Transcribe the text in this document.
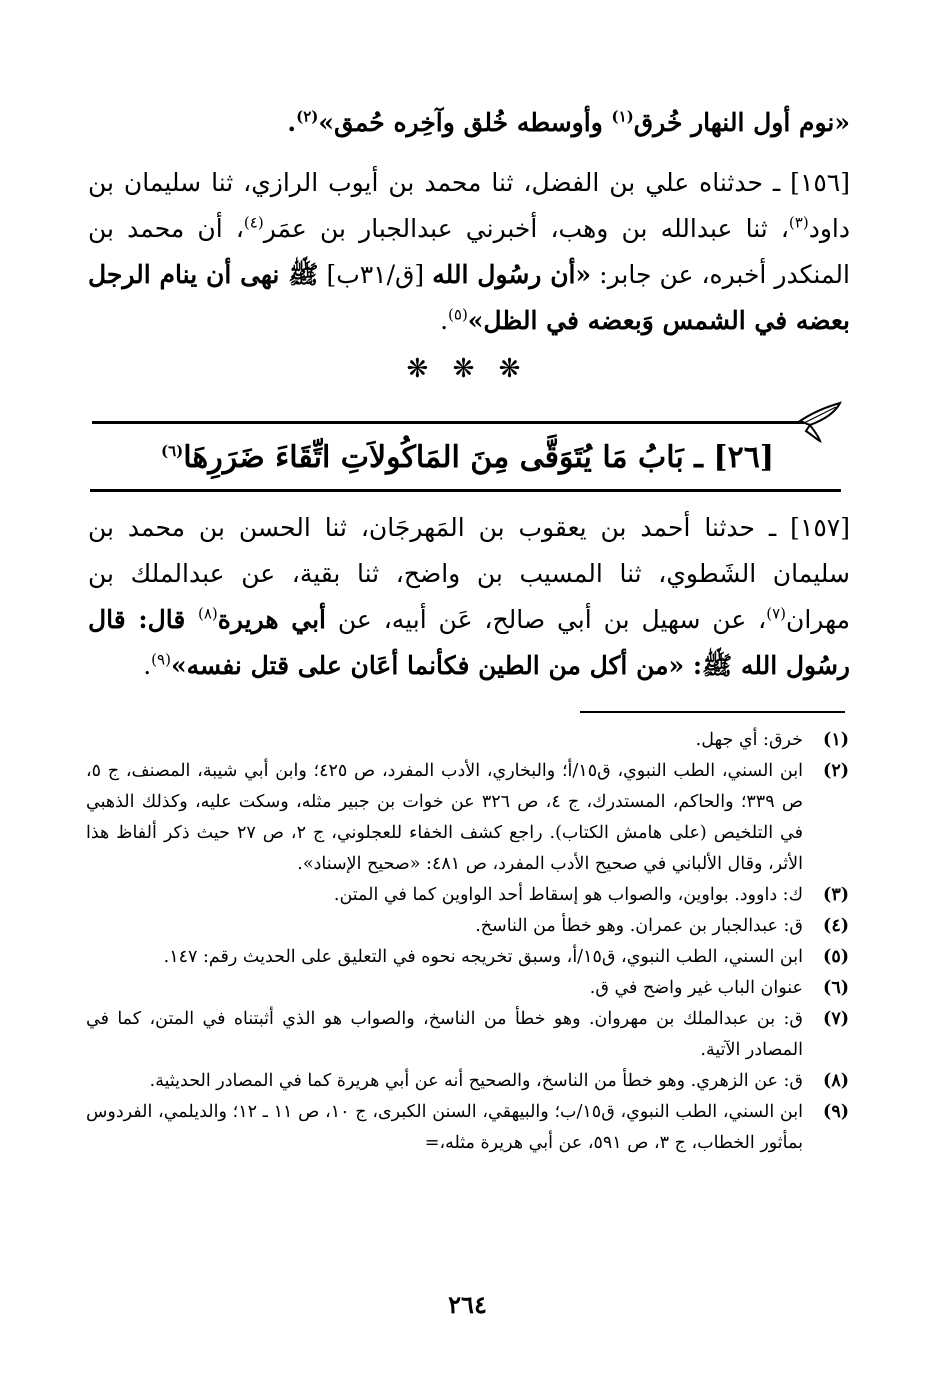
«نوم أول النهار خُرق$^{(١)}$ وأوسطه خُلق وآخِره حُمق»$^{(٢)}$.
[١٥٦] ـ حدثناه علي بن الفضل، ثنا محمد بن أيوب الرازي، ثنا سليمان بن داود$^{(٣)}$، ثنا عبدالله بن وهب، أخبرني عبدالجبار بن عمَر$^{(٤)}$، أن محمد بن المنكدر أخبره، عن جابر: «أن رسُول الله [ق/٣١ب] ﷺ نهى أن ينام الرجل بعضه في الشمس وَبعضه في الظل»$^{(٥)}$.
❋ ❋ ❋
[٢٦] ـ بَابُ مَا يُتَوَقَّى مِنَ المَاكُولاَتِ اتِّقَاءَ ضَرَرِهَا$^{(٦)}$
[١٥٧] ـ حدثنا أحمد بن يعقوب بن المَهرجَان، ثنا الحسن بن محمد بن سليمان الشَطوي، ثنا المسيب بن واضح، ثنا بقية، عن عبدالملك بن مهران$^{(٧)}$، عن سهيل بن أبي صالح، عَن أبيه، عن أبي هريرة$^{(٨)}$ قال: قال رسُول الله ﷺ: «من أكل من الطين فكأنما أعَان على قتل نفسه»$^{(٩)}$.
(١)
خرق: أي جهل.
(٢)
ابن السني، الطب النبوي، ق١٥/أ؛ والبخاري، الأدب المفرد، ص ٤٢٥؛ وابن أبي شيبة، المصنف، ج ٥، ص ٣٣٩؛ والحاكم، المستدرك، ج ٤، ص ٣٢٦ عن خوات بن جبير مثله، وسكت عليه، وكذلك الذهبي في التلخيص (على هامش الكتاب). راجع كشف الخفاء للعجلوني، ج ٢، ص ٢٧ حيث ذكر ألفاظ هذا الأثر، وقال الألباني في صحيح الأدب المفرد، ص ٤٨١: «صحيح الإسناد».
(٣)
ك: داوود. بواوين، والصواب هو إسقاط أحد الواوين كما في المتن.
(٤)
ق: عبدالجبار بن عمران. وهو خطأ من الناسخ.
(٥)
ابن السني، الطب النبوي، ق١٥/أ، وسبق تخريجه نحوه في التعليق على الحديث رقم: ١٤٧.
(٦)
عنوان الباب غير واضح في ق.
(٧)
ق: بن عبدالملك بن مهروان. وهو خطأ من الناسخ، والصواب هو الذي أثبتناه في المتن، كما في المصادر الآتية.
(٨)
ق: عن الزهري. وهو خطأ من الناسخ، والصحيح أنه عن أبي هريرة كما في المصادر الحديثية.
(٩)
ابن السني، الطب النبوي، ق١٥/ب؛ والبيهقي، السنن الكبرى، ج ١٠، ص ١١ ـ ١٢؛ والديلمي، الفردوس بمأثور الخطاب، ج ٣، ص ٥٩١، عن أبي هريرة مثله،=
٢٦٤
